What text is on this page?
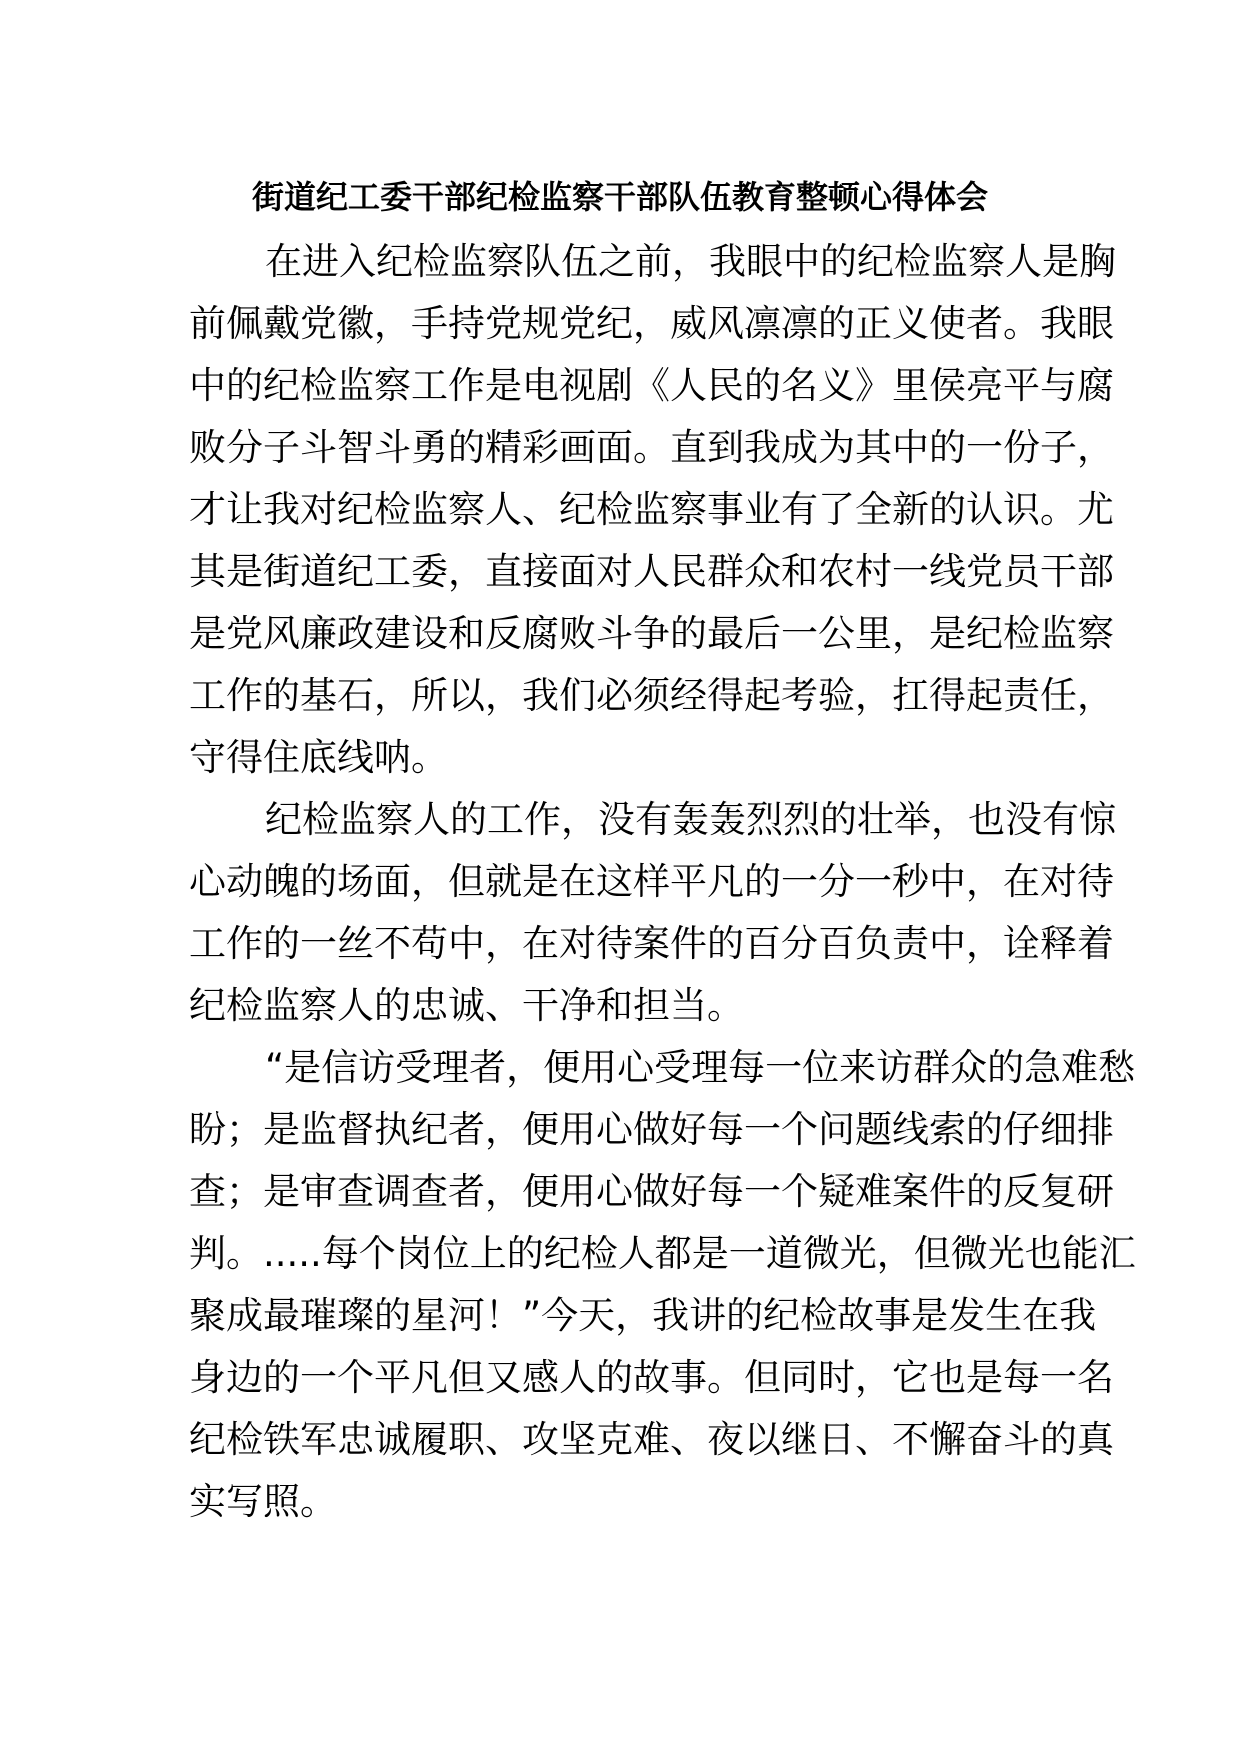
街道纪工委干部纪检监察干部队伍教育整顿心得体会
在进入纪检监察队伍之前，我眼中的纪检监察人是胸
前佩戴党徽，手持党规党纪，威风凛凛的正义使者。我眼
中的纪检监察工作是电视剧《人民的名义》里侯亮平与腐
败分子斗智斗勇的精彩画面。直到我成为其中的一份子，
才让我对纪检监察人、纪检监察事业有了全新的认识。尤
其是街道纪工委，直接面对人民群众和农村一线党员干部
是党风廉政建设和反腐败斗争的最后一公里，是纪检监察
工作的基石，所以，我们必须经得起考验，扛得起责任，
守得住底线呐。
纪检监察人的工作，没有轰轰烈烈的壮举，也没有惊
心动魄的场面，但就是在这样平凡的一分一秒中，在对待
工作的一丝不苟中，在对待案件的百分百负责中，诠释着
纪检监察人的忠诚、干净和担当。
“是信访受理者，便用心受理每一位来访群众的急难愁
盼；是监督执纪者，便用心做好每一个问题线索的仔细排
查；是审查调查者，便用心做好每一个疑难案件的反复研
判。.....每个岗位上的纪检人都是一道微光，但微光也能汇
聚成最璀璨的星河！”今天，我讲的纪检故事是发生在我
身边的一个平凡但又感人的故事。但同时，它也是每一名
纪检铁军忠诚履职、攻坚克难、夜以继日、不懈奋斗的真
实写照。
